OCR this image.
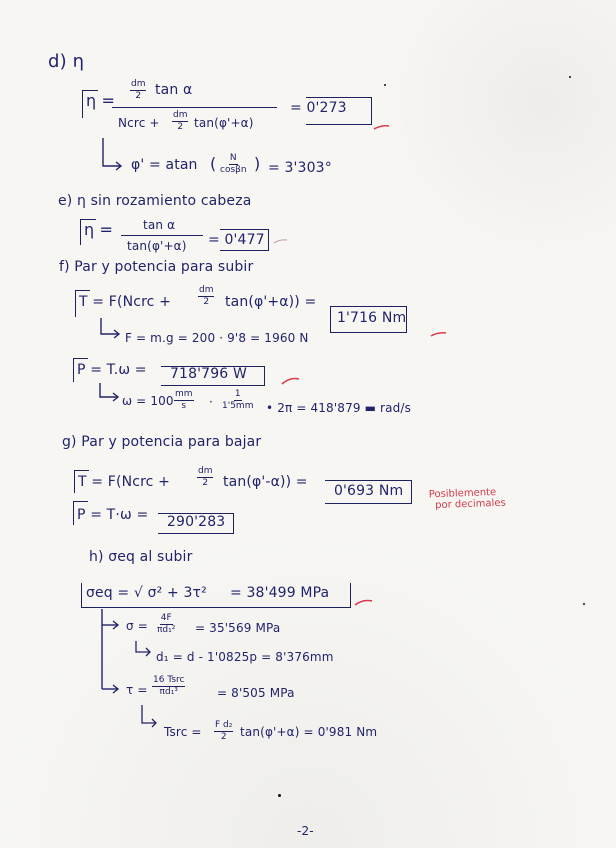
d) η
$\eta = \frac{dm}{2}$ tan α
Ncrc + $\frac{dm}{2} \tan(\varphi'+\alpha)$
= 0'273
φ' = atan ( $\frac{N}{\cos\beta n}$ ) = 3'303°
e) η sin rozamiento cabeza
η = tan α
tan(φ'+α) = 0'477
f) Par y potencia para subir
T = F(Ncrc +	$\frac{dm}{2} \tan(\varphi'+\alpha)$) =
1'716 Nm
F = m.g = 200 · 9'8 = 1960 N
P = T.ω = 718'796 W
$\omega = 100 \frac{mm}{s} \cdot \frac{1}{1'5mm}$ • 2π = 418'879 ▬ rad/s
g) Par y potencia para bajar
T = F(Ncrc +	$\frac{dm}{2} \tan(\varphi'-\alpha)$) =
0'693 Nm	Posiblemente
por decimales
P = T·ω = 290'283
h) σeq al subir
σeq = √ σ² + 3τ² = 38'499 MPa
$\sigma = \frac{4F}{\text{πd₁²}} = 35'569$ MPa
d₁ = d - 1'0825p = 8'376mm
τ =
16 Tsrc
πd₁³	= 8'505 MPa
Tsrc = $\frac{\text{F d₂}}{2} \tan(\varphi'+\alpha) = 0'981$ Nm
-2-
